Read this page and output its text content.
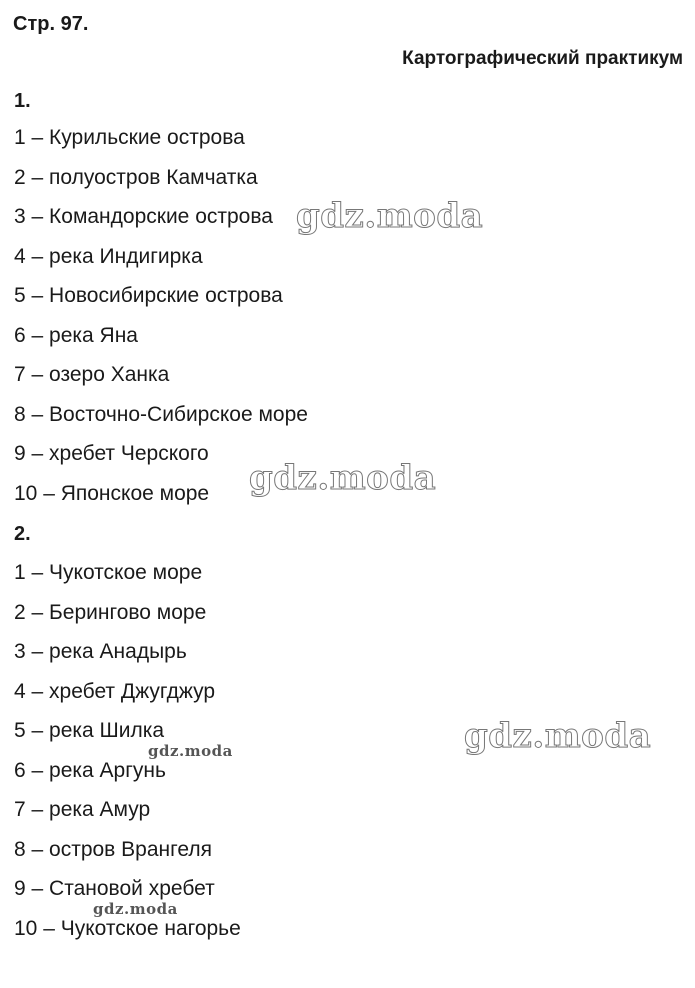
Стр. 97.
Картографический практикум
1.
1 – Курильские острова
2 – полуостров Камчатка
3 – Командорские острова
4 – река Индигирка
5 – Новосибирские острова
6 – река Яна
7 – озеро Ханка
8 – Восточно-Сибирское море
9 – хребет Черского
10 – Японское море
2.
1 – Чукотское море
2 – Берингово море
3 – река Анадырь
4 – хребет Джугджур
5 – река Шилка
6 – река Аргунь
7 – река Амур
8 – остров Врангеля
9 – Становой хребет
10 – Чукотское нагорье
gdz.moda
gdz.moda
gdz.moda
gdz.moda
gdz.moda
